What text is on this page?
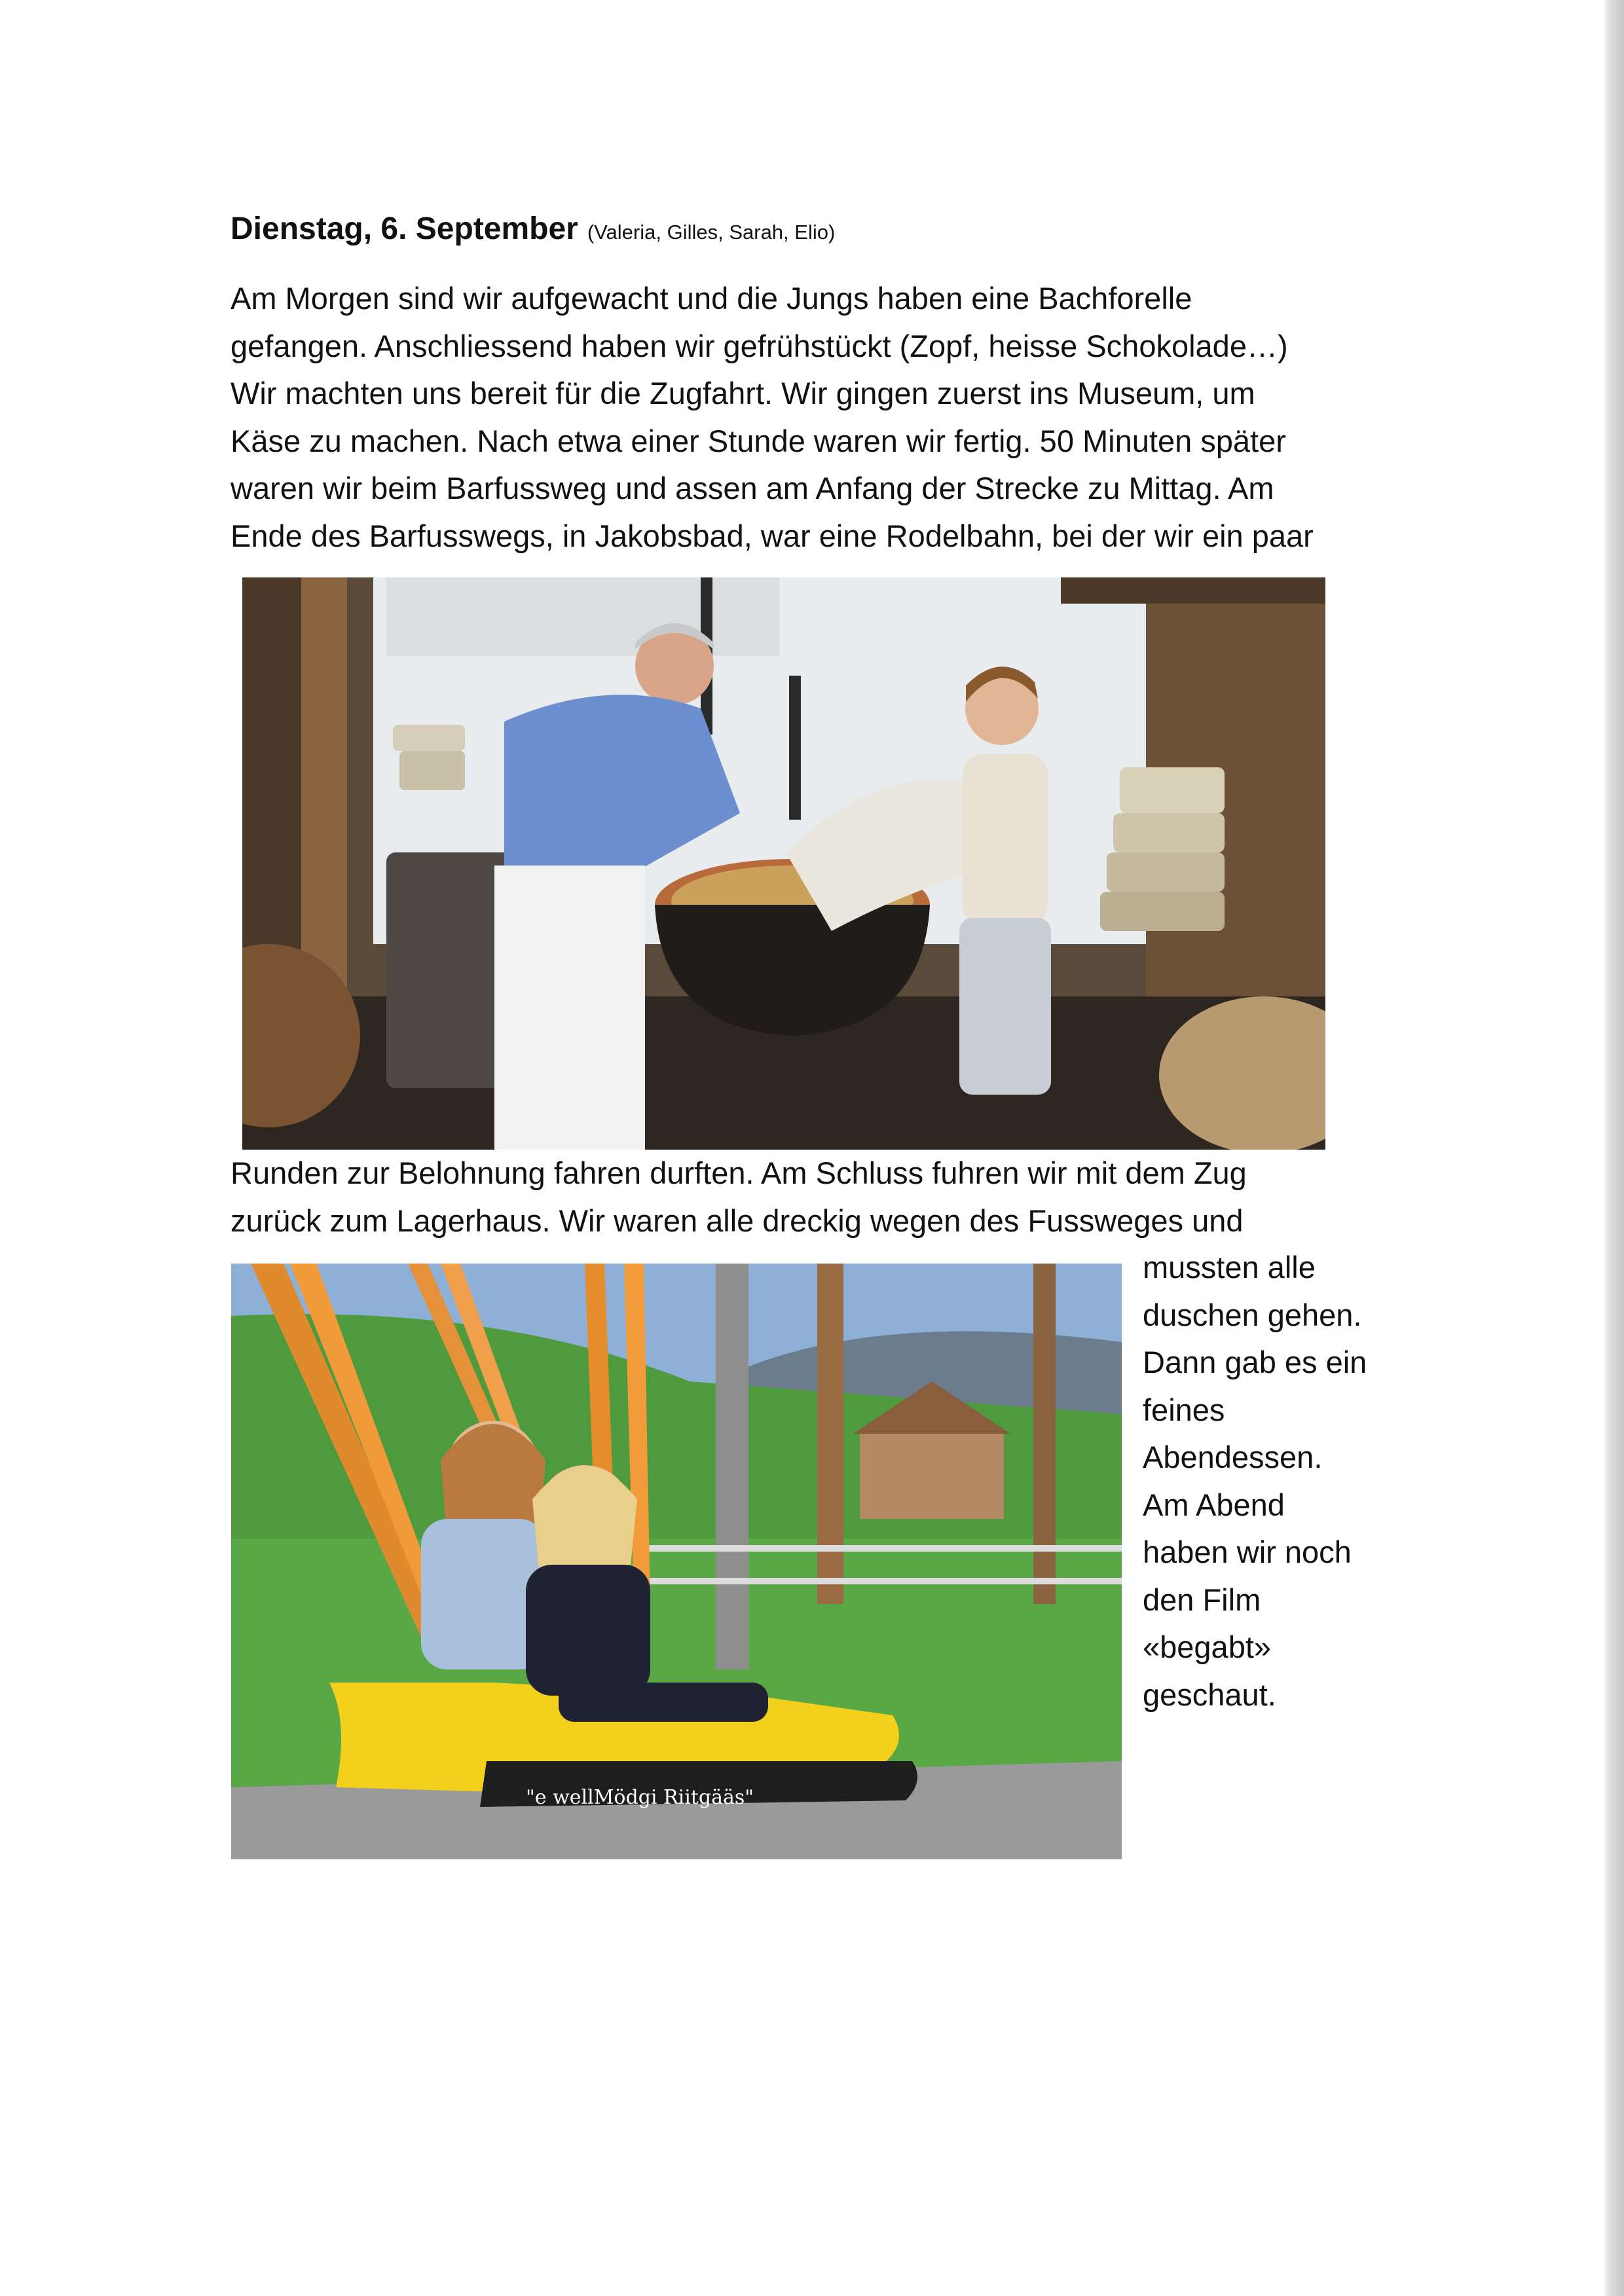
Dienstag, 6. September (Valeria, Gilles, Sarah, Elio)
Am Morgen sind wir aufgewacht und die Jungs haben eine Bachforelle
gefangen. Anschliessend haben wir gefrühstückt (Zopf, heisse Schokolade…)
Wir machten uns bereit für die Zugfahrt. Wir gingen zuerst ins Museum, um
Käse zu machen. Nach etwa einer Stunde waren wir fertig. 50 Minuten später
waren wir beim Barfussweg und assen am Anfang der Strecke zu Mittag. Am
Ende des Barfusswegs, in Jakobsbad, war eine Rodelbahn, bei der wir ein paar
Runden zur Belohnung fahren durften. Am Schluss fuhren wir mit dem Zug
zurück zum Lagerhaus. Wir waren alle dreckig wegen des Fussweges und
"e wellMödgi Riitgääs"
mussten alle
duschen gehen.
Dann gab es ein
feines
Abendessen.
Am Abend
haben wir noch
den Film
«begabt»
geschaut.
